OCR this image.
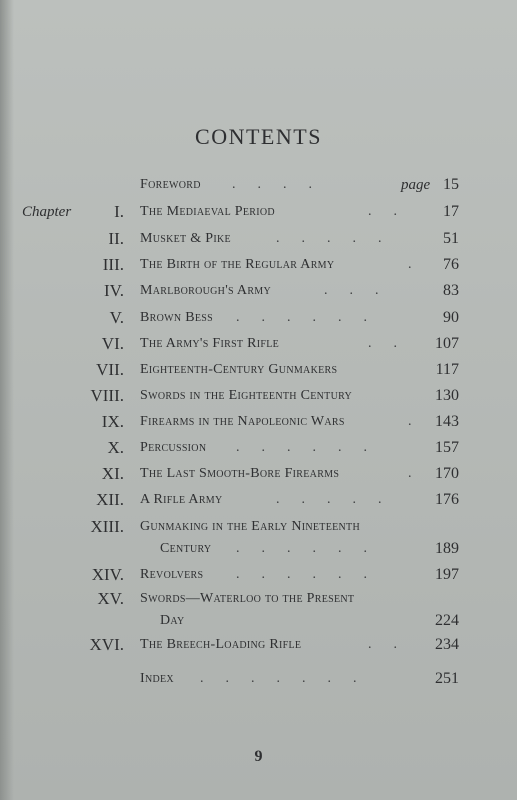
CONTENTS
Foreword ....	page 15
Chapter	I. The Mediaeval Period	.. 17
II. Musket & Pike	..... 51
III. The Birth of the Regular Army	. 76
IV. Marlborough's Army	...	83
V. Brown Bess ......	90
VI. The Army's First Rifle	.. 107
VII. Eighteenth-Century Gunmakers	117
VIII. Swords in the Eighteenth Century	130
IX. Firearms in the Napoleonic Wars	. 143
X. Percussion ......	157
XI. The Last Smooth-Bore Firearms	. 170
XII. A Rifle Army	..... 176
XIII. Gunmaking in the Early Nineteenth
Century ......	189
XIV. Revolvers ......	197
XV. Swords—Waterloo to the Present
Day	224
XVI. The Breech-Loading Rifle	.. 234
Index .......	251
9
